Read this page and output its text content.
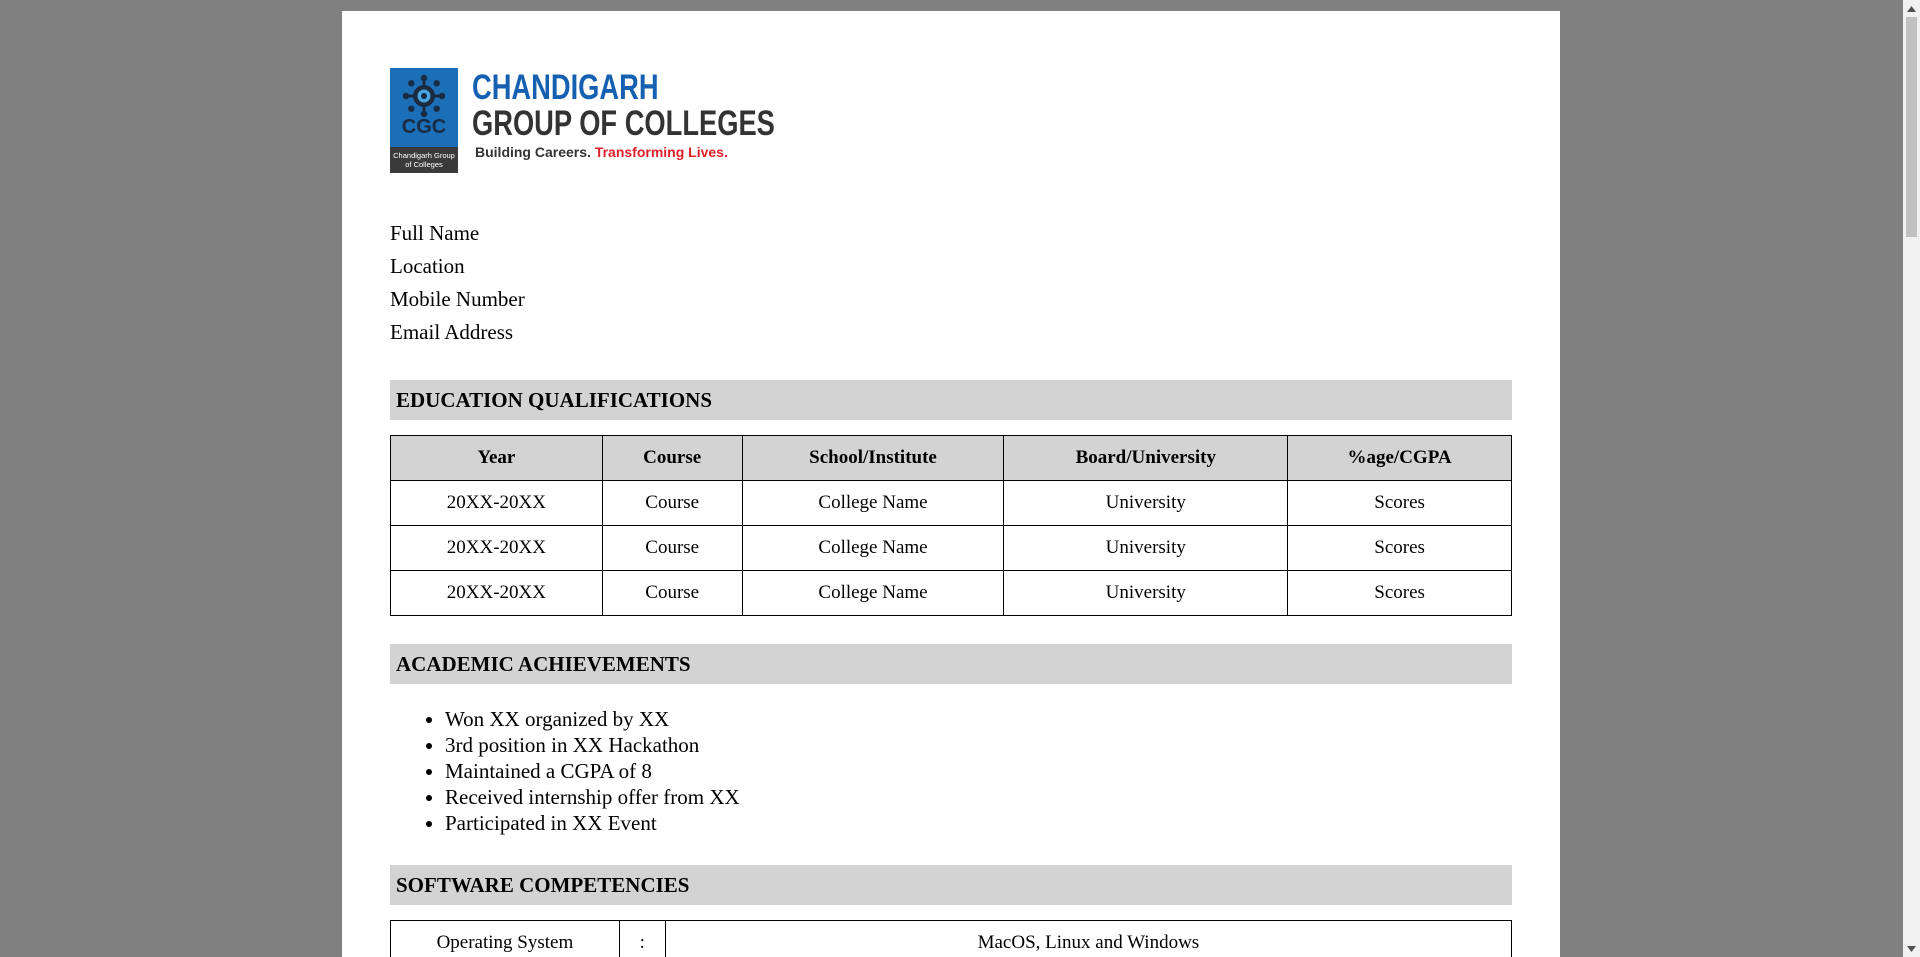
CGC
Chandigarh Group of Colleges
CHANDIGARH
GROUP OF COLLEGES
Building Careers. Transforming Lives.
Full Name
Location
Mobile Number
Email Address
EDUCATION QUALIFICATIONS
Year	Course	School/Institute	Board/University	%age/CGPA
20XX-20XX	Course	College Name	University	Scores
20XX-20XX	Course	College Name	University	Scores
20XX-20XX	Course	College Name	University	Scores
ACADEMIC ACHIEVEMENTS
• Won XX organized by XX
• 3rd position in XX Hackathon
• Maintained a CGPA of 8
• Received internship offer from XX
• Participated in XX Event
SOFTWARE COMPETENCIES
Operating System	:	MacOS, Linux and Windows
